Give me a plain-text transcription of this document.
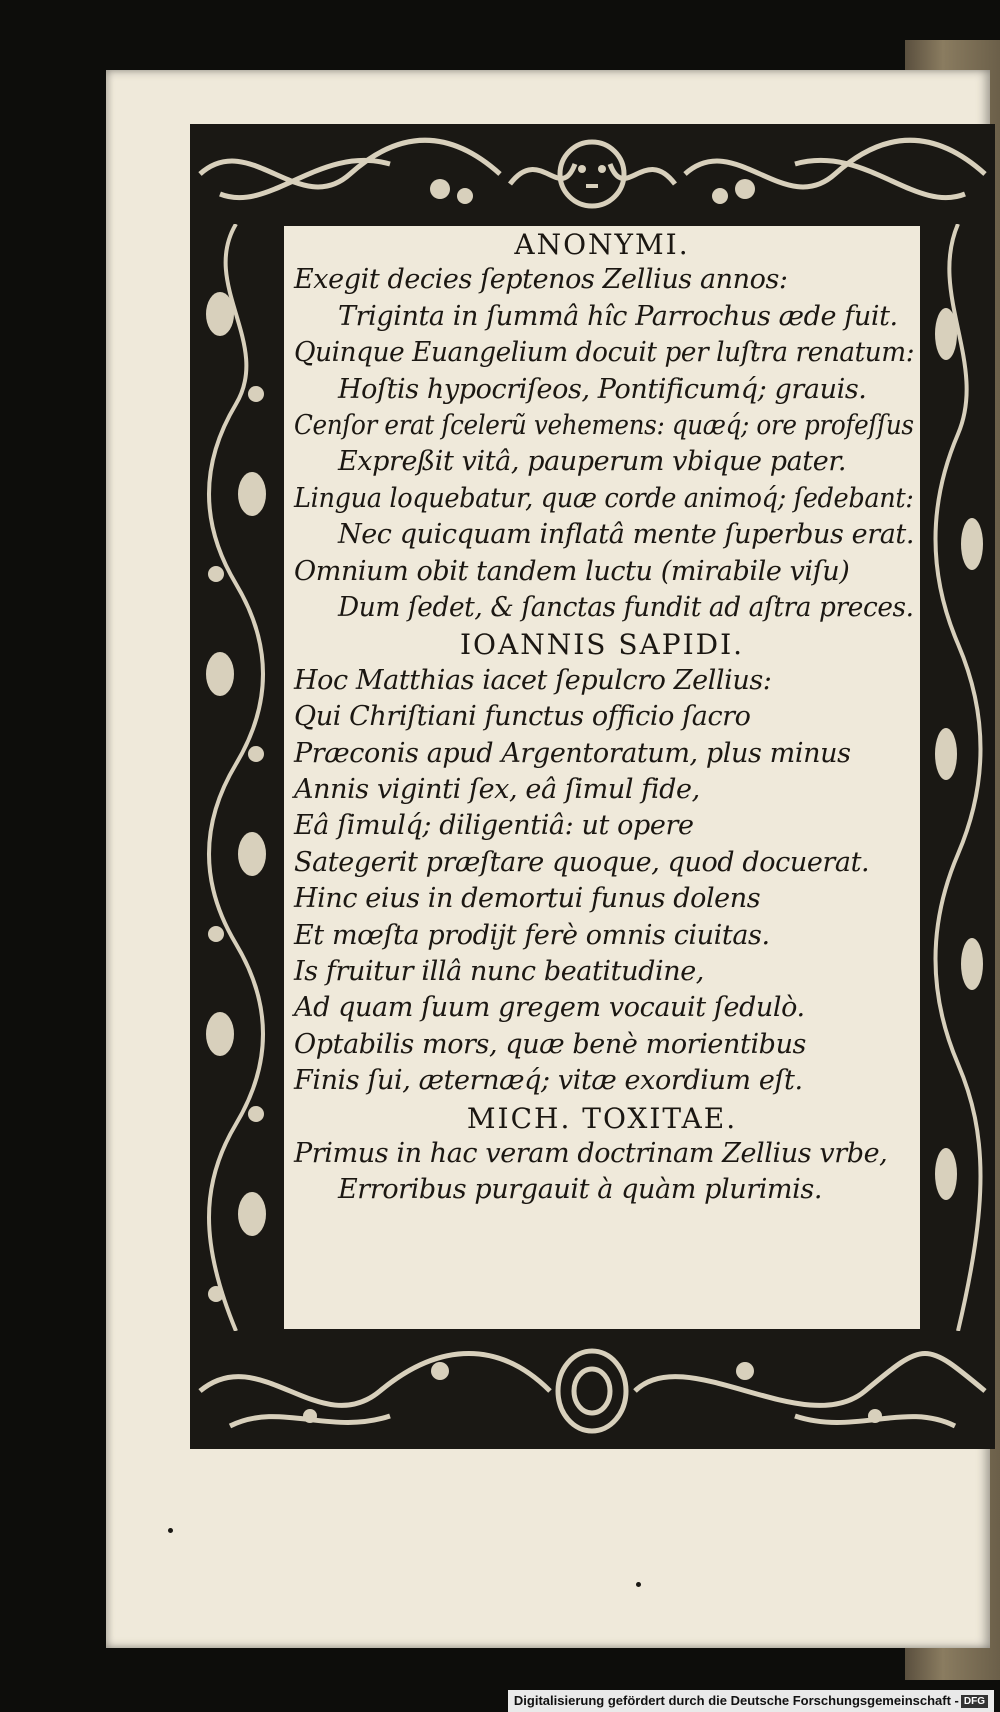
ANONYMI.
Exegit decies ſeptenos Zellius annos:
Triginta in ſummâ hîc Parrochus æde fuit.
Quinque Euangelium docuit per luſtra renatum:
Hoſtis hypocriſeos, Pontificumq́; grauis.
Cenſor erat ſcelerũ vehemens: quæq́; ore profeſſus
Expreßit vitâ, pauperum vbique pater.
Lingua loquebatur, quæ corde animoq́; ſedebant:
Nec quicquam inflatâ mente ſuperbus erat.
Omnium obit tandem luctu (mirabile viſu)
Dum ſedet, & ſanctas fundit ad aſtra preces.
IOANNIS SAPIDI.
Hoc Matthias iacet ſepulcro Zellius:
Qui Chriſtiani functus officio ſacro
Præconis apud Argentoratum, plus minus
Annis viginti ſex, eâ ſimul fide,
Eâ ſimulq́; diligentiâ: ut opere
Sategerit præſtare quoque, quod docuerat.
Hinc eius in demortui funus dolens
Et mœſta prodijt ferè omnis ciuitas.
Is fruitur illâ nunc beatitudine,
Ad quam ſuum gregem vocauit ſedulò.
Optabilis mors, quæ benè morientibus
Finis ſui, æternæq́; vitæ exordium eſt.
MICH. TOXITAE.
Primus in hac veram doctrinam Zellius vrbe,
Erroribus purgauit à quàm plurimis.
Digitalisierung gefördert durch die Deutsche Forschungsgemeinschaft - DFG
